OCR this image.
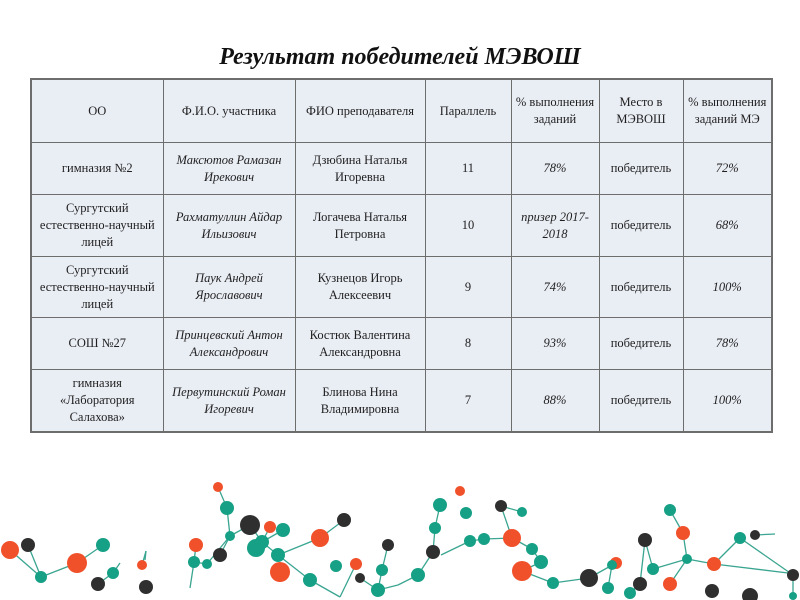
Результат победителей МЭВОШ
ОО	Ф.И.О. участника	ФИО преподавателя	Параллель	% выполнения заданий	Место в МЭВОШ	% выполнения заданий МЭ
гимназия №2	Максютов Рамазан Ирекович	Дзюбина Наталья Игоревна	11	78%	победитель	72%
Сургутский естественно-научный лицей	Рахматуллин Айдар Ильизович	Логачева Наталья Петровна	10	призер 2017-2018	победитель	68%
Сургутский естественно-научный лицей	Паук Андрей Ярославович	Кузнецов Игорь Алексеевич	9	74%	победитель	100%
СОШ №27	Принцевский Антон Александрович	Костюк Валентина Александровна	8	93%	победитель	78%
гимназия «Лаборатория Салахова»	Первутинский Роман Игоревич	Блинова Нина Владимировна	7	88%	победитель	100%
